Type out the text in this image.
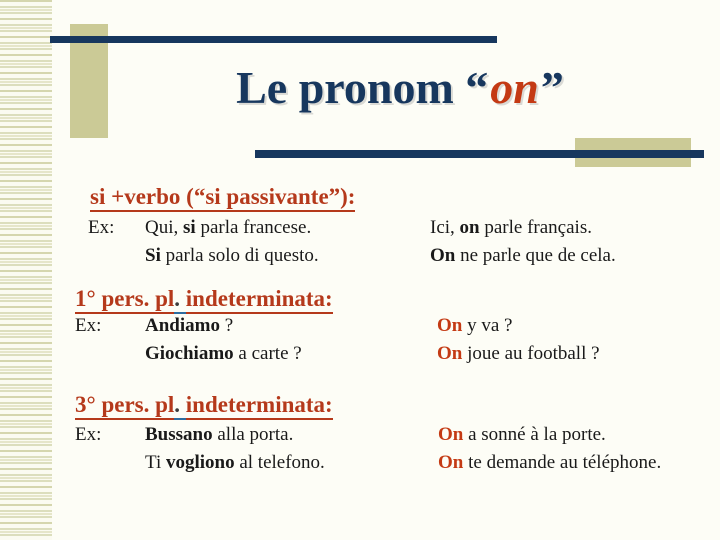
Le pronom “on”
si +verbo (“si passivante”):
Ex: Qui, si parla francese.	Ici, on parle français.
Si parla solo di questo.	On ne parle que de cela.
1° pers. pl. indeterminata:
Ex: Andiamo ?	On y va ?
Giochiamo a carte ?	On joue au football ?
3° pers. pl. indeterminata:
Ex: Bussano alla porta.	On a sonné à la porte.
Ti vogliono al telefono.	On te demande au téléphone.
